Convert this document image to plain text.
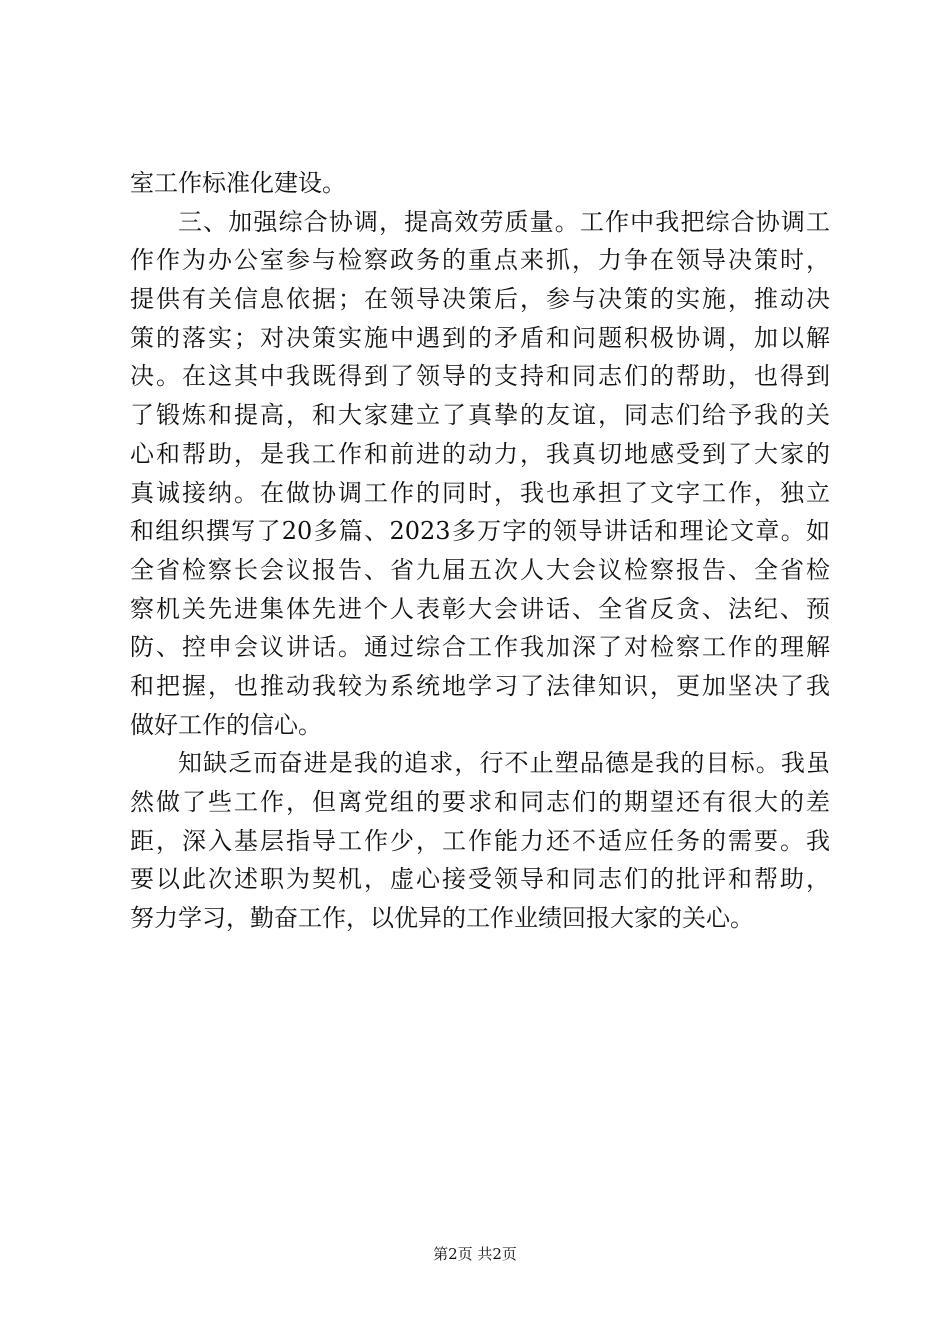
室工作标准化建设。
三、加强综合协调，提高效劳质量。工作中我把综合协调工
作作为办公室参与检察政务的重点来抓，力争在领导决策时，
提供有关信息依据；在领导决策后，参与决策的实施，推动决
策的落实；对决策实施中遇到的矛盾和问题积极协调，加以解
决。在这其中我既得到了领导的支持和同志们的帮助，也得到
了锻炼和提高，和大家建立了真挚的友谊，同志们给予我的关
心和帮助，是我工作和前进的动力，我真切地感受到了大家的
真诚接纳。在做协调工作的同时，我也承担了文字工作，独立
和组织撰写了20多篇、2023多万字的领导讲话和理论文章。如
全省检察长会议报告、省九届五次人大会议检察报告、全省检
察机关先进集体先进个人表彰大会讲话、全省反贪、法纪、预
防、控申会议讲话。通过综合工作我加深了对检察工作的理解
和把握，也推动我较为系统地学习了法律知识，更加坚决了我
做好工作的信心。
知缺乏而奋进是我的追求，行不止塑品德是我的目标。我虽
然做了些工作，但离党组的要求和同志们的期望还有很大的差
距，深入基层指导工作少，工作能力还不适应任务的需要。我
要以此次述职为契机，虚心接受领导和同志们的批评和帮助，
努力学习，勤奋工作，以优异的工作业绩回报大家的关心。
第2页 共2页
